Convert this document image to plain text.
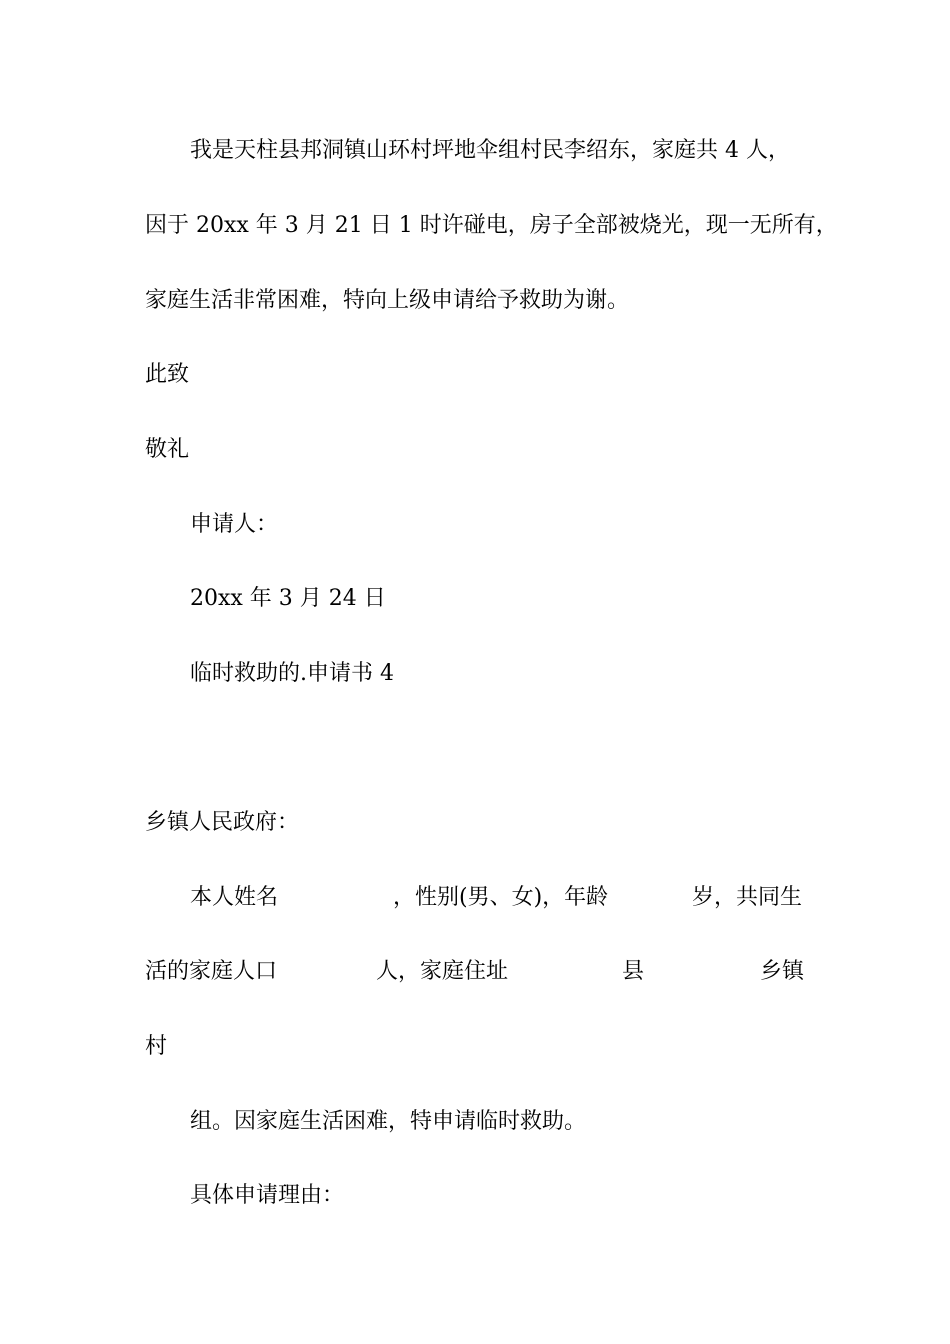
我是天柱县邦洞镇山环村坪地伞组村民李绍东，家庭共 4 人，
因于 20xx 年 3 月 21 日 1 时许碰电，房子全部被烧光，现一无所有，
家庭生活非常困难，特向上级申请给予救助为谢。
此致
敬礼
申请人：
20xx 年 3 月 24 日
临时救助的.申请书 4
乡镇人民政府：
本人姓名	，性别(男、女)，年龄	岁，共同生
活的家庭人口	人，家庭住址	县	乡镇
村
组。因家庭生活困难，特申请临时救助。
具体申请理由：
